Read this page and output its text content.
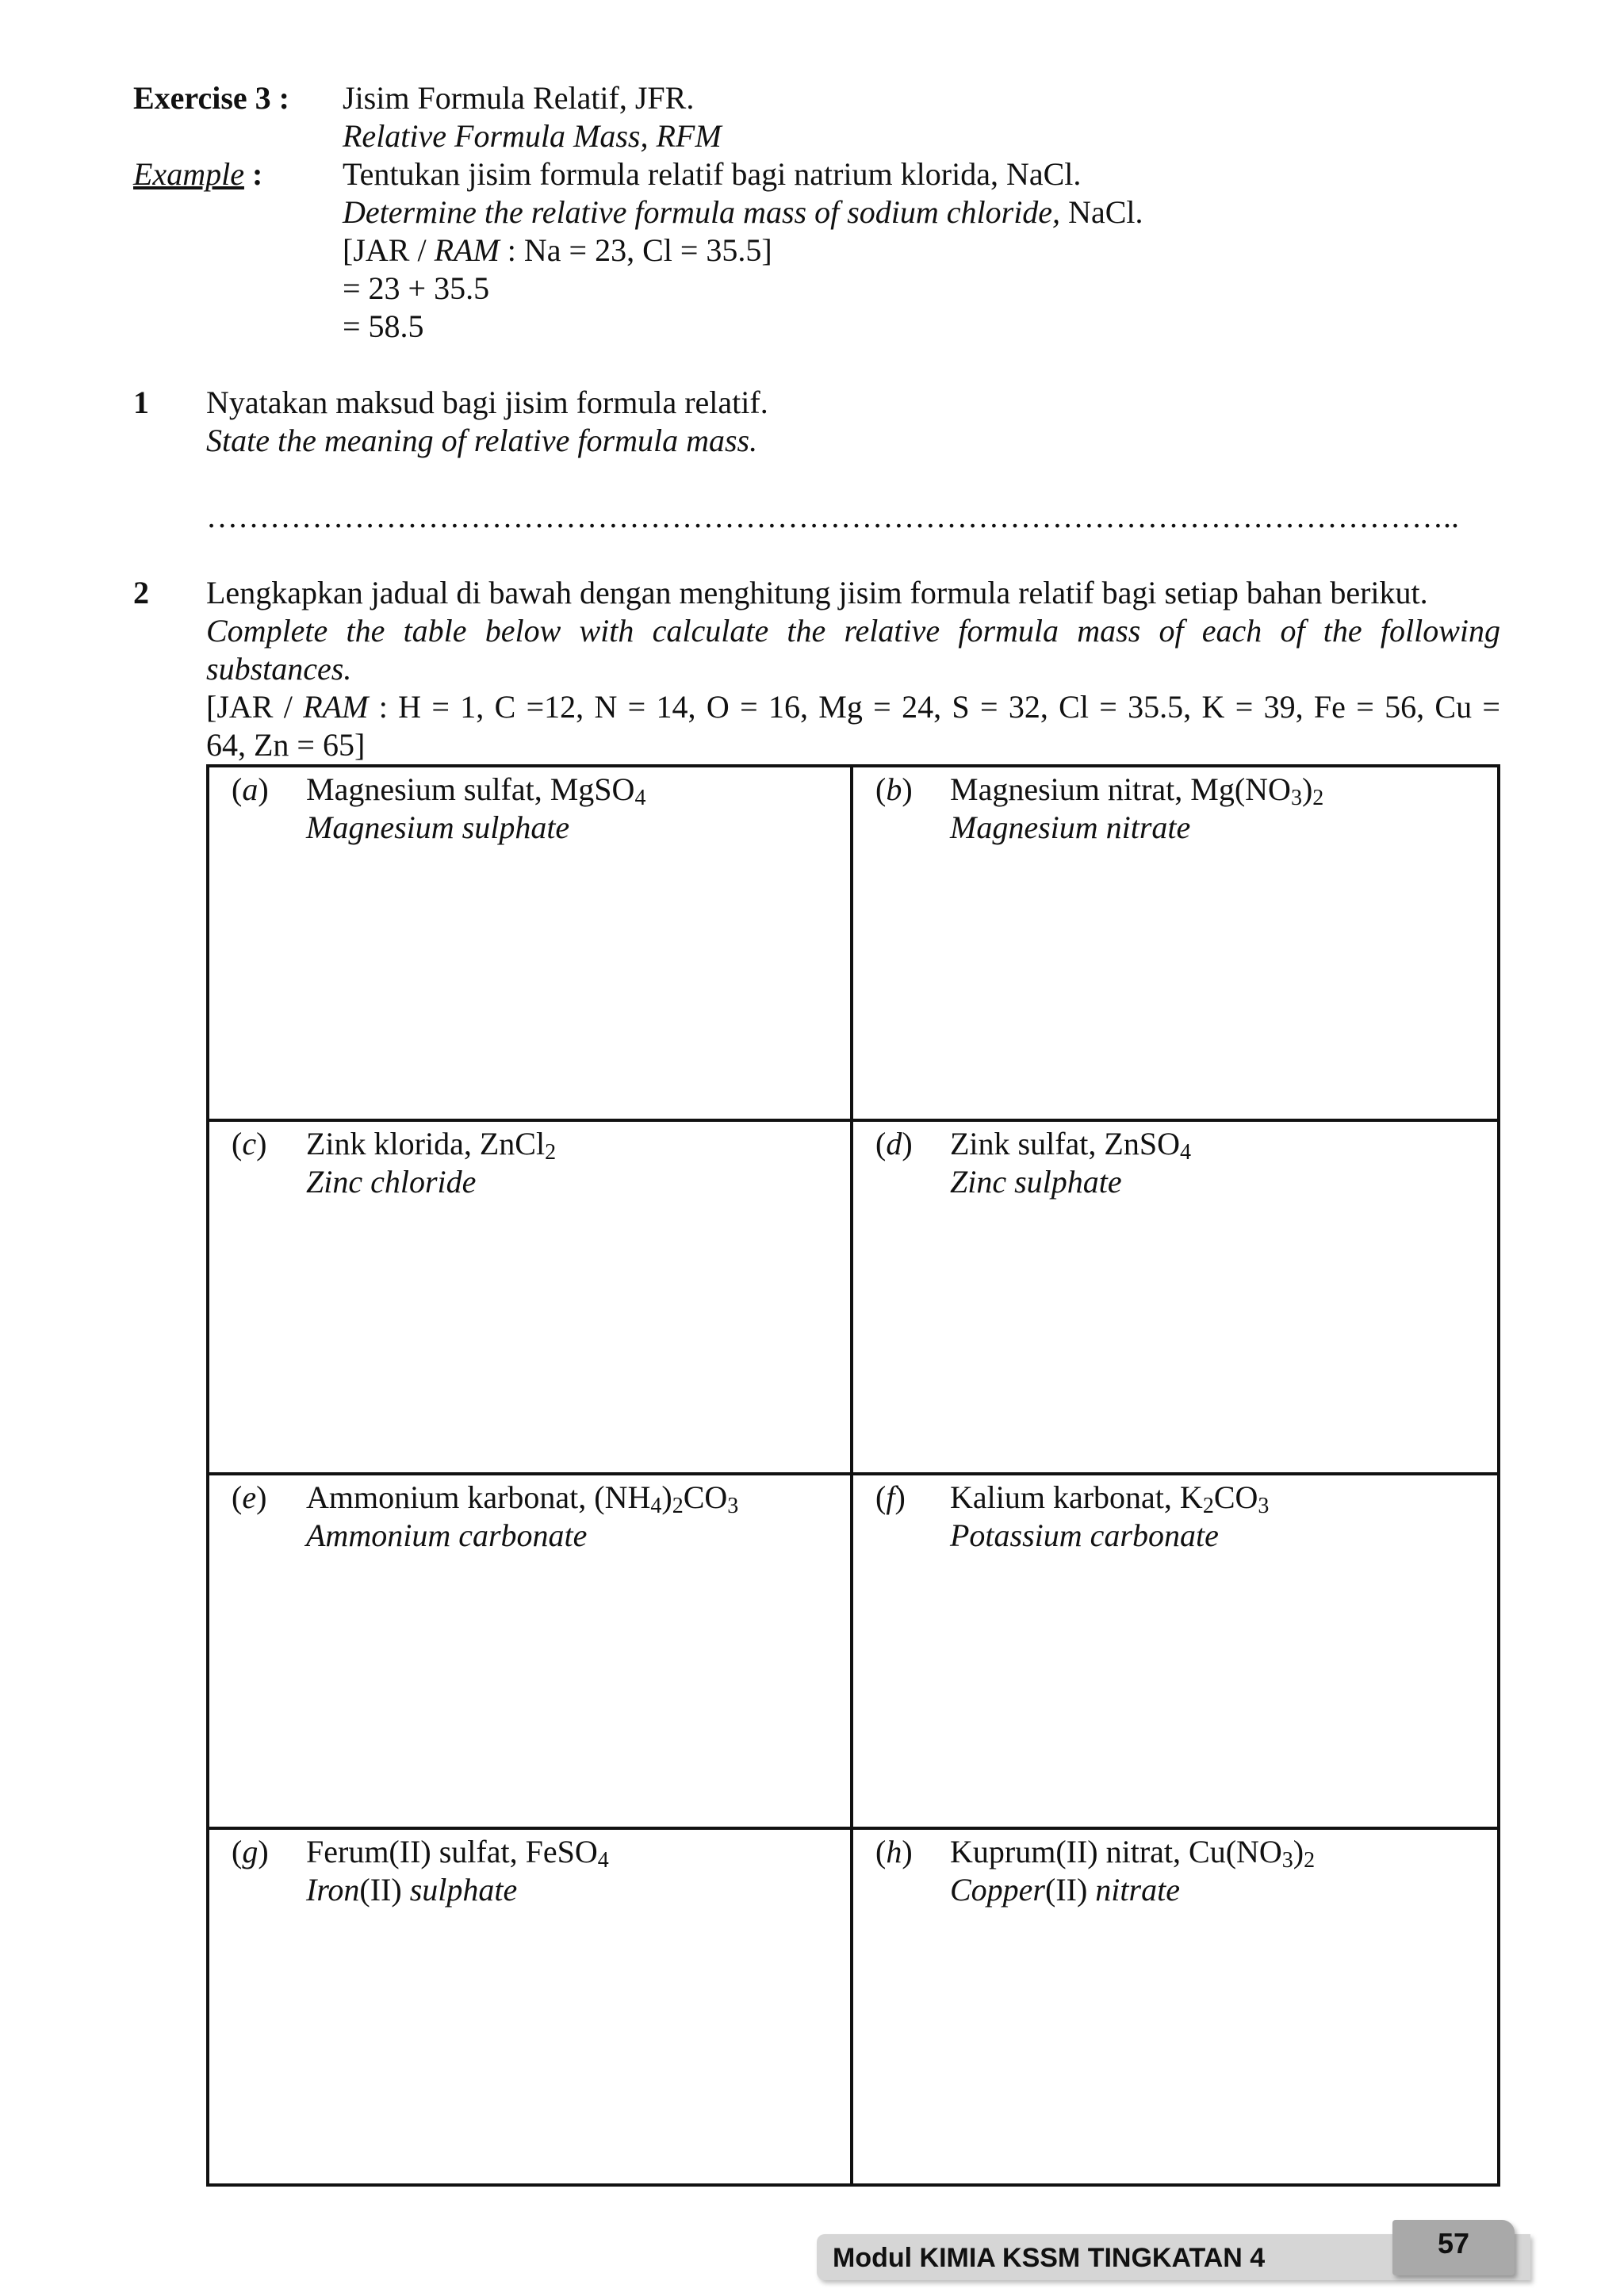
Exercise 3 : Jisim Formula Relatif, JFR.
Relative Formula Mass, RFM
Example :	Tentukan jisim formula relatif bagi natrium klorida, NaCl.
Determine the relative formula mass of sodium chloride, NaCl.
[JAR / RAM : Na = 23, Cl = 35.5]
= 23 + 35.5
= 58.5
1 Nyatakan maksud bagi jisim formula relatif.
State the meaning of relative formula mass.
………………………………………………………………………………………………………..
2 Lengkapkan jadual di bawah dengan menghitung jisim formula relatif bagi setiap bahan berikut.
Complete the table below with calculate the relative formula mass of each of the following
substances.
[JAR / RAM : H = 1, C =12, N = 14, O = 16, Mg = 24, S = 32, Cl = 35.5, K = 39, Fe = 56, Cu =
64, Zn = 65]
(a) Magnesium sulfat, MgSO$_4$
Magnesium sulphate
(b) Magnesium nitrat, $Mg(NO_3)_2$
Magnesium nitrate
(c) Zink klorida, ZnCl$_2$
Zinc chloride
(d) Zink sulfat, ZnSO$_4$
Zinc sulphate
(e) Ammonium karbonat, $(NH_4)_2CO_3$
Ammonium carbonate
(f) Kalium karbonat, $K_2CO_3$
Potassium carbonate
(g) Ferum(II) sulfat, FeSO$_4$
Iron(II) sulphate
(h) Kuprum(II) nitrat, $Cu(NO_3)_2$
Copper(II) nitrate
Modul KIMIA KSSM TINGKATAN 4	57
